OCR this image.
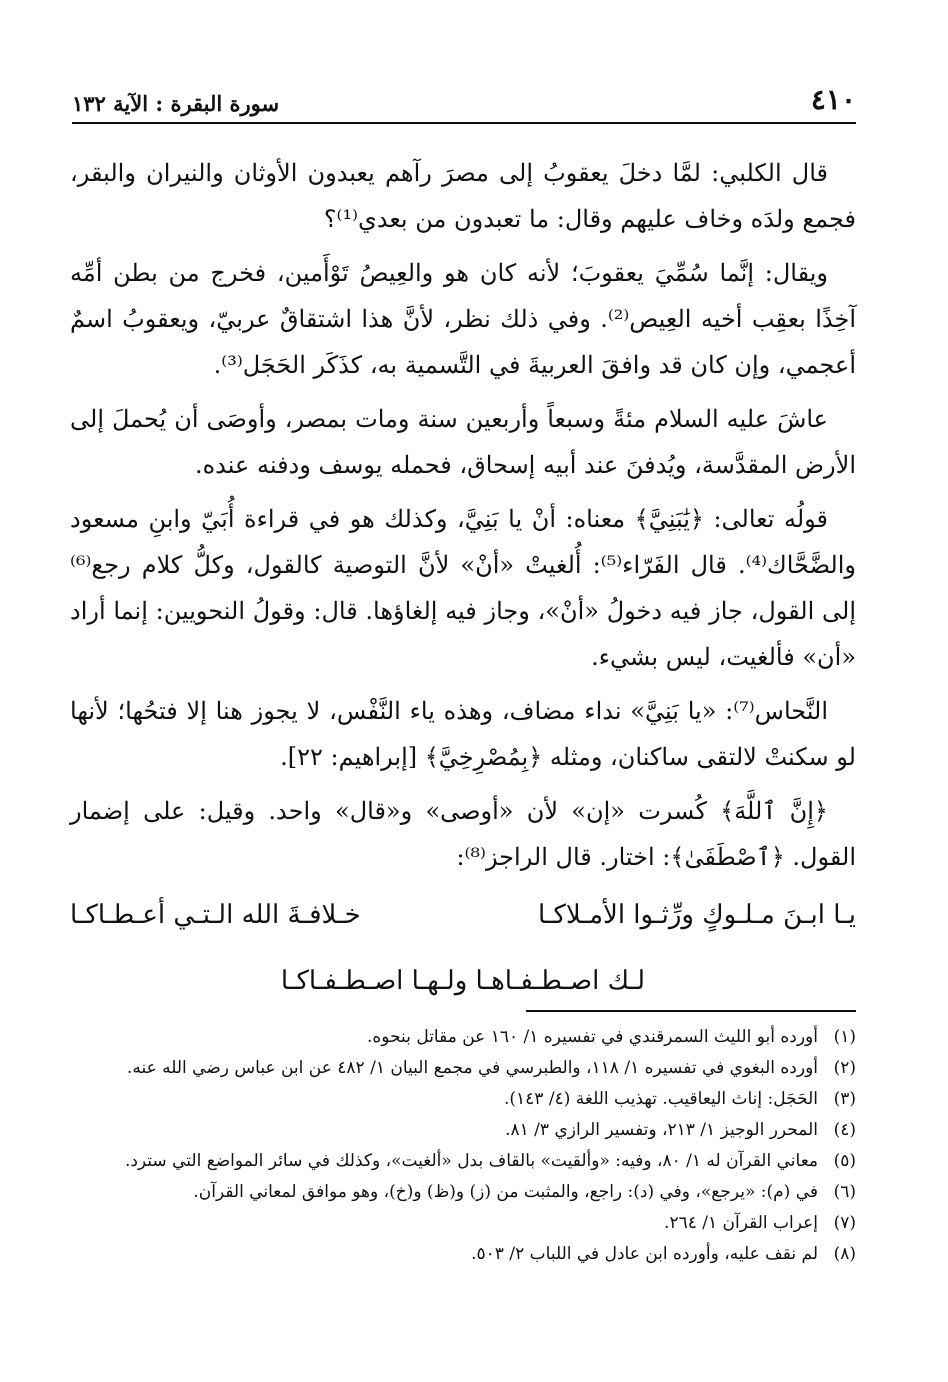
٤١٠
سورة البقرة : الآية ١٣٢

قال الكلبي: لمَّا دخلَ يعقوبُ إلى مصرَ رآهم يعبدون الأوثان والنيران والبقر، فجمع ولدَه وخاف عليهم وقال: ما تعبدون من بعدي⁽¹⁾؟

ويقال: إنَّما سُمِّيَ يعقوبَ؛ لأنه كان هو والعِيصُ تَوْأَمين، فخرج من بطن أمِّه آخِذًا بعقِب أخيه العِيص⁽²⁾. وفي ذلك نظر، لأنَّ هذا اشتقاقٌ عربيّ، ويعقوبُ اسمٌ أعجمي، وإن كان قد وافقَ العربيةَ في التَّسمية به، كذَكَر الحَجَل⁽³⁾.

عاشَ عليه السلام مئةً وسبعاً وأربعين سنة ومات بمصر، وأوصَى أن يُحملَ إلى الأرض المقدَّسة، ويُدفنَ عند أبيه إسحاق، فحمله يوسف ودفنه عنده.

قولُه تعالى: ﴿يَٰبَنِيَّ﴾ معناه: أنْ يا بَنِيَّ، وكذلك هو في قراءة أُبَيّ وابنِ مسعود والضَّحَّاك⁽⁴⁾. قال الفَرّاء⁽⁵⁾: أُلغيتْ «أنْ» لأنَّ التوصية كالقول، وكلُّ كلام رجع⁽⁶⁾ إلى القول، جاز فيه دخولُ «أنْ»، وجاز فيه إلغاؤها. قال: وقولُ النحويين: إنما أراد «أن» فألغيت، ليس بشيء.

النَّحاس⁽⁷⁾: «يا بَنِيَّ» نداء مضاف، وهذه ياء النَّفْس، لا يجوز هنا إلا فتحُها؛ لأنها لو سكنتْ لالتقى ساكنان، ومثله ﴿بِمُصْرِخِيَّ﴾ [إبراهيم: ٢٢].

﴿إِنَّ ٱللَّهَ﴾ كُسرت «إن» لأن «أوصى» و«قال» واحد. وقيل: على إضمار القول. ﴿ٱصْطَفَىٰ﴾: اختار. قال الراجز⁽⁸⁾:

يـا ابـنَ مـلـوكٍ ورِّثـوا الأمـلاكـا
خـلافـةَ الله الـتـي أعـطـاكـا
لـك اصـطـفـاهـا ولـهـا اصـطـفـاكـا
(١)
أورده أبو الليث السمرقندي في تفسيره ١/ ١٦٠ عن مقاتل بنحوه.
(٢)
أورده البغوي في تفسيره ١/ ١١٨، والطبرسي في مجمع البيان ١/ ٤٨٢ عن ابن عباس رضي الله عنه.
(٣)
الحَجَل: إناث اليعاقيب. تهذيب اللغة (٤/ ١٤٣).
(٤)
المحرر الوجيز ١/ ٢١٣، وتفسير الرازي ٣/ ٨١.
(٥)
معاني القرآن له ١/ ٨٠، وفيه: «وألقيت» بالقاف بدل «ألغيت»، وكذلك في سائر المواضع التي سترد.
(٦)
في (م): «يرجع»، وفي (د): راجع، والمثبت من (ز) و(ظ) و(خ)، وهو موافق لمعاني القرآن.
(٧)
إعراب القرآن ١/ ٢٦٤.
(٨)
لم نقف عليه، وأورده ابن عادل في اللباب ٢/ ٥٠٣.
